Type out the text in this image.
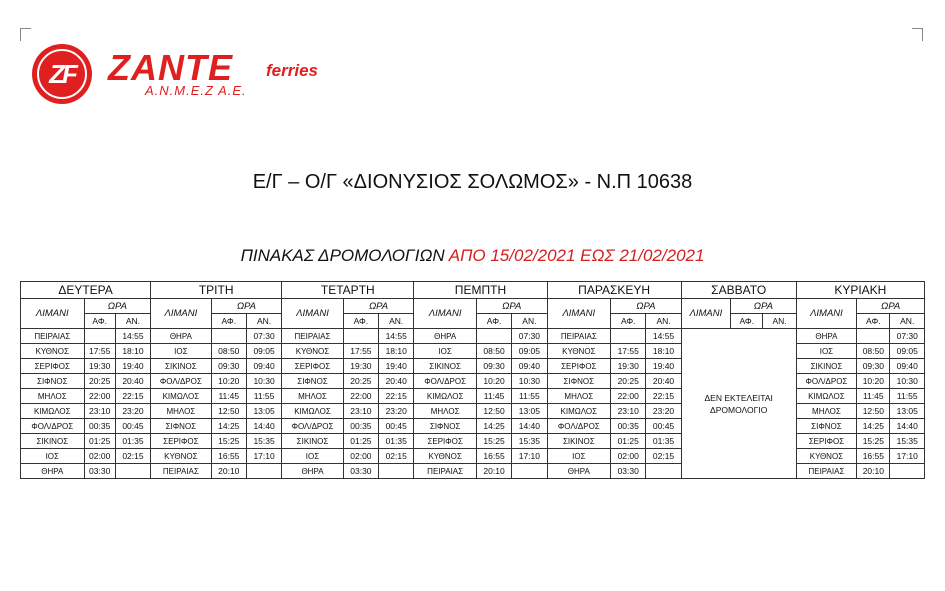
ZF ZANTE ferries
Α.Ν.Μ.Ε.Ζ Α.Ε.
Ε/Γ – Ο/Γ «ΔΙΟΝΥΣΙΟΣ ΣΟΛΩΜΟΣ» - Ν.Π 10638
ΠΙΝΑΚΑΣ ΔΡΟΜΟΛΟΓΙΩΝ ΑΠΟ 15/02/2021 ΕΩΣ 21/02/2021
ΔΕΥΤΕΡΑ			ΤΡΙΤΗ			ΤΕΤΑΡΤΗ			ΠΕΜΠΤΗ			ΠΑΡΑΣΚΕΥΗ			ΣΑΒΒΑΤΟ			ΚΥΡΙΑΚΗ		
ΛΙΜΑΝΙ	ΩΡΑ		ΛΙΜΑΝΙ	ΩΡΑ		ΛΙΜΑΝΙ	ΩΡΑ		ΛΙΜΑΝΙ	ΩΡΑ		ΛΙΜΑΝΙ	ΩΡΑ		ΛΙΜΑΝΙ	ΩΡΑ		ΛΙΜΑΝΙ	ΩΡΑ	
	ΑΦ.	ΑΝ.		ΑΦ.	ΑΝ.		ΑΦ.	ΑΝ.		ΑΦ.	ΑΝ.		ΑΦ.	ΑΝ.		ΑΦ.	ΑΝ.		ΑΦ.	ΑΝ.
ΠΕΙΡΑΙΑΣ		14:55	ΘΗΡΑ		07:30	ΠΕΙΡΑΙΑΣ		14:55	ΘΗΡΑ		07:30	ΠΕΙΡΑΙΑΣ		14:55	ΔΕΝ ΕΚΤΕΛΕΙΤΑΙ ΔΡΟΜΟΛΟΓΙΟ			ΘΗΡΑ		07:30
ΚΥΘΝΟΣ	17:55	18:10	ΙΟΣ	08:50	09:05	ΚΥΘΝΟΣ	17:55	18:10	ΙΟΣ	08:50	09:05	ΚΥΘΝΟΣ	17:55	18:10				ΙΟΣ	08:50	09:05
ΣΕΡΙΦΟΣ	19:30	19:40	ΣΙΚΙΝΟΣ	09:30	09:40	ΣΕΡΙΦΟΣ	19:30	19:40	ΣΙΚΙΝΟΣ	09:30	09:40	ΣΕΡΙΦΟΣ	19:30	19:40				ΣΙΚΙΝΟΣ	09:30	09:40
ΣΙΦΝΟΣ	20:25	20:40	ΦΟΛ/ΔΡΟΣ	10:20	10:30	ΣΙΦΝΟΣ	20:25	20:40	ΦΟΛ/ΔΡΟΣ	10:20	10:30	ΣΙΦΝΟΣ	20:25	20:40				ΦΟΛ/ΔΡΟΣ	10:20	10:30
ΜΗΛΟΣ	22:00	22:15	ΚΙΜΩΛΟΣ	11:45	11:55	ΜΗΛΟΣ	22:00	22:15	ΚΙΜΩΛΟΣ	11:45	11:55	ΜΗΛΟΣ	22:00	22:15				ΚΙΜΩΛΟΣ	11:45	11:55
ΚΙΜΩΛΟΣ	23:10	23:20	ΜΗΛΟΣ	12:50	13:05	ΚΙΜΩΛΟΣ	23:10	23:20	ΜΗΛΟΣ	12:50	13:05	ΚΙΜΩΛΟΣ	23:10	23:20				ΜΗΛΟΣ	12:50	13:05
ΦΟΛ/ΔΡΟΣ	00:35	00:45	ΣΙΦΝΟΣ	14:25	14:40	ΦΟΛ/ΔΡΟΣ	00:35	00:45	ΣΙΦΝΟΣ	14:25	14:40	ΦΟΛ/ΔΡΟΣ	00:35	00:45				ΣΙΦΝΟΣ	14:25	14:40
ΣΙΚΙΝΟΣ	01:25	01:35	ΣΕΡΙΦΟΣ	15:25	15:35	ΣΙΚΙΝΟΣ	01:25	01:35	ΣΕΡΙΦΟΣ	15:25	15:35	ΣΙΚΙΝΟΣ	01:25	01:35				ΣΕΡΙΦΟΣ	15:25	15:35
ΙΟΣ	02:00	02:15	ΚΥΘΝΟΣ	16:55	17:10	ΙΟΣ	02:00	02:15	ΚΥΘΝΟΣ	16:55	17:10	ΙΟΣ	02:00	02:15				ΚΥΘΝΟΣ	16:55	17:10
ΘΗΡΑ	03:30		ΠΕΙΡΑΙΑΣ	20:10		ΘΗΡΑ	03:30		ΠΕΙΡΑΙΑΣ	20:10		ΘΗΡΑ	03:30					ΠΕΙΡΑΙΑΣ	20:10	
